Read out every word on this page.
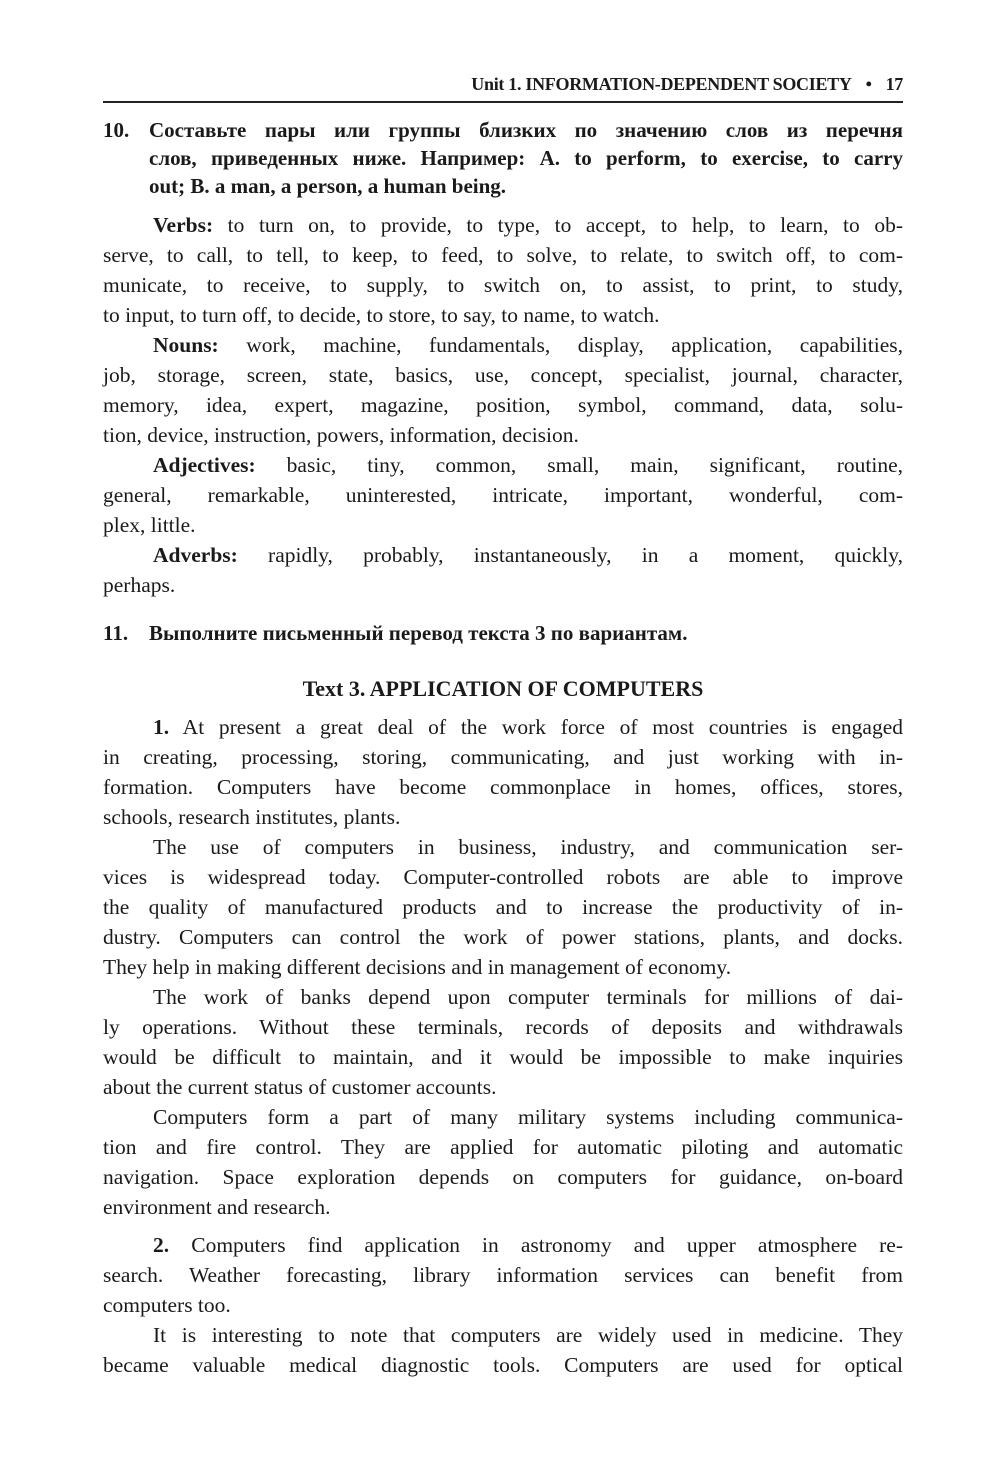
Unit 1. INFORMATION-DEPENDENT SOCIETY • 17
10. Составьте пары или группы близких по значению слов из перечня
слов, приведенных ниже. Например: A. to perform, to exercise, to carry
out; B. a man, a person, a human being.
Verbs: to turn on, to provide, to type, to accept, to help, to learn, to ob-
serve, to call, to tell, to keep, to feed, to solve, to relate, to switch off, to com-
municate, to receive, to supply, to switch on, to assist, to print, to study,
to input, to turn off, to decide, to store, to say, to name, to watch.
Nouns: work, machine, fundamentals, display, application, capabilities,
job, storage, screen, state, basics, use, concept, specialist, journal, character,
memory, idea, expert, magazine, position, symbol, command, data, solu-
tion, device, instruction, powers, information, decision.
Adjectives: basic, tiny, common, small, main, significant, routine,
general, remarkable, uninterested, intricate, important, wonderful, com-
plex, little.
Adverbs: rapidly, probably, instantaneously, in a moment, quickly,
perhaps.
11. Выполните письменный перевод текста 3 по вариантам.
Text 3. APPLICATION OF COMPUTERS
1. At present a great deal of the work force of most countries is engaged
in creating, processing, storing, communicating, and just working with in-
formation. Computers have become commonplace in homes, offices, stores,
schools, research institutes, plants.
The use of computers in business, industry, and communication ser-
vices is widespread today. Computer-controlled robots are able to improve
the quality of manufactured products and to increase the productivity of in-
dustry. Computers can control the work of power stations, plants, and docks.
They help in making different decisions and in management of economy.
The work of banks depend upon computer terminals for millions of dai-
ly operations. Without these terminals, records of deposits and withdrawals
would be difficult to maintain, and it would be impossible to make inquiries
about the current status of customer accounts.
Computers form a part of many military systems including communica-
tion and fire control. They are applied for automatic piloting and automatic
navigation. Space exploration depends on computers for guidance, on-board
environment and research.
2. Computers find application in astronomy and upper atmosphere re-
search. Weather forecasting, library information services can benefit from
computers too.
It is interesting to note that computers are widely used in medicine. They
became valuable medical diagnostic tools. Computers are used for optical
